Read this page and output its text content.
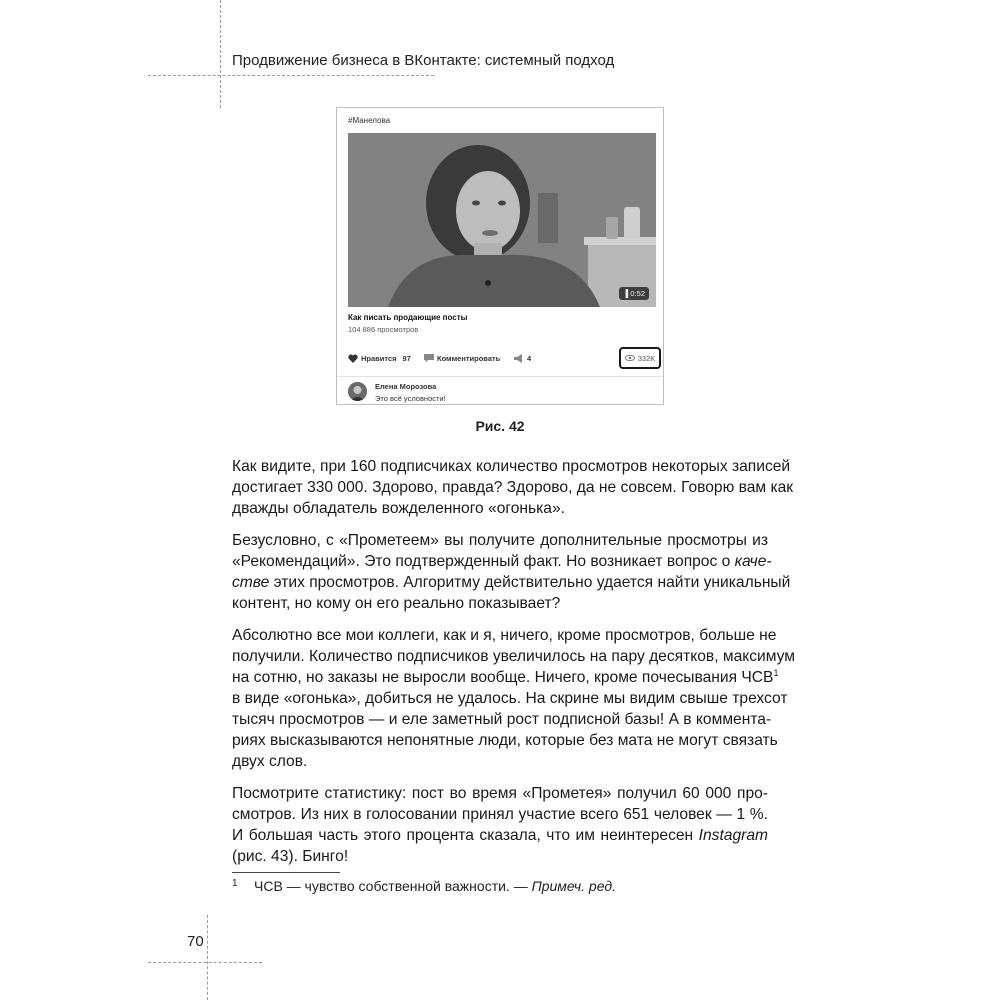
Продвижение бизнеса в ВКонтакте: системный подход
#Манелова
▐ 0:52
Как писать продающие посты
104 886 просмотров
Нравится 97	Комментировать	4	332K
Елена Морозова
Это всё условности!
Рис. 42

Как видите, при 160 подписчиках количество просмотров некоторых записей
достигает 330 000. Здорово, правда? Здорово, да не совсем. Говорю вам как
дважды обладатель вожделенного «огонька».

Безусловно, с «Прометеем» вы получите дополнительные просмотры из
«Рекомендаций». Это подтвержденный факт. Но возникает вопрос о каче-
стве этих просмотров. Алгоритму действительно удается найти уникальный
контент, но кому он его реально показывает?

Абсолютно все мои коллеги, как и я, ничего, кроме просмотров, больше не
получили. Количество подписчиков увеличилось на пару десятков, максимум
на сотню, но заказы не выросли вообще. Ничего, кроме почесывания ЧСВ$^1$
в виде «огонька», добиться не удалось. На скрине мы видим свыше трехсот
тысяч просмотров — и еле заметный рост подписной базы! А в коммента-
риях высказываются непонятные люди, которые без мата не могут связать
двух слов.

Посмотрите статистику: пост во время «Прометея» получил 60 000 про-
смотров. Из них в голосовании принял участие всего 651 человек — 1 %.
И большая часть этого процента сказала, что им неинтересен Instagram
(рис. 43). Бинго!

1 ЧСВ — чувство собственной важности. — Примеч. ред.
70
